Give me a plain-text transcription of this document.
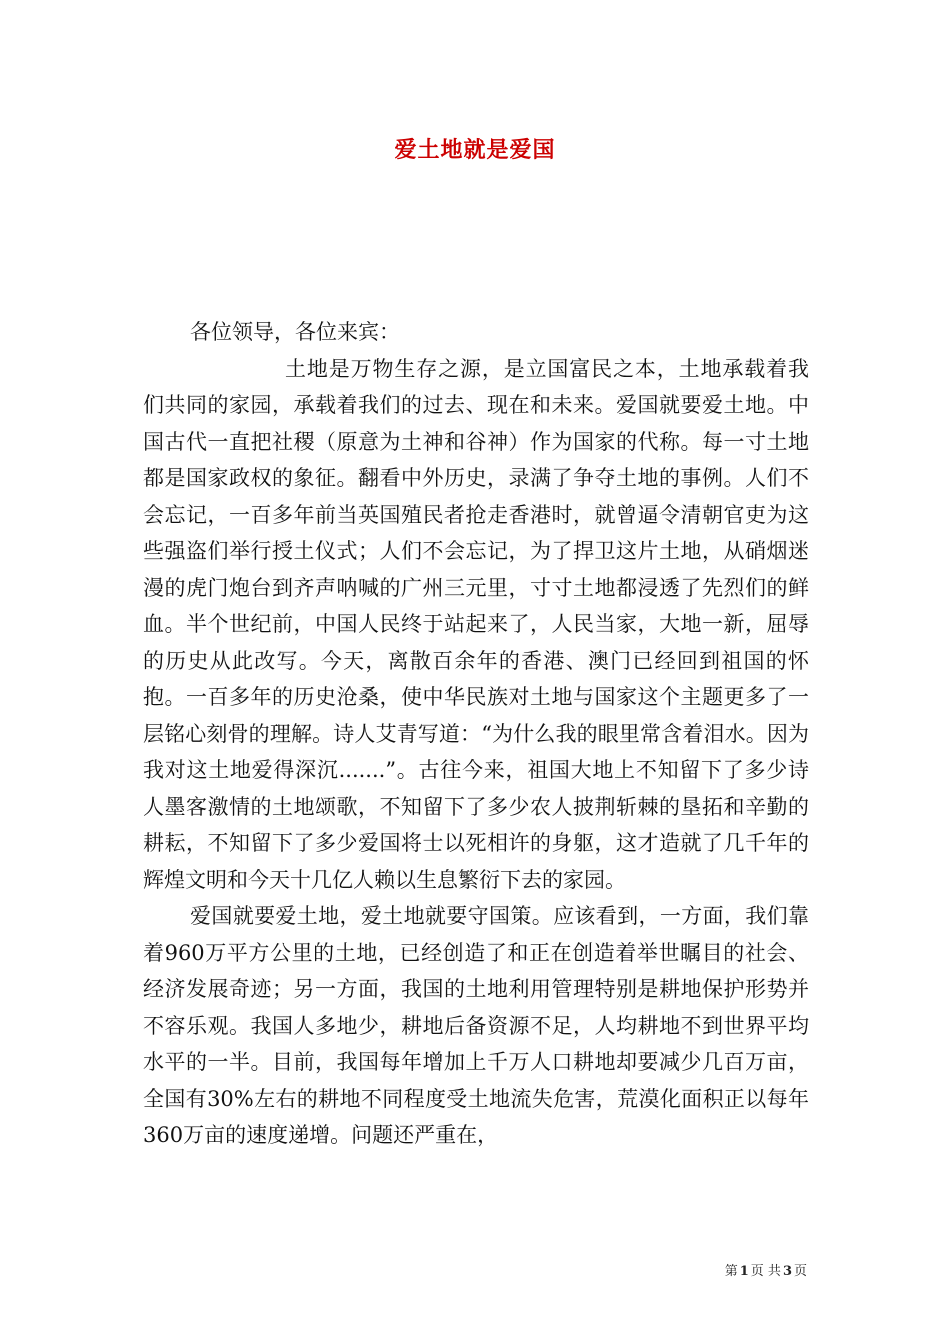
爱土地就是爱国

各位领导，各位来宾：

土地是万物生存之源，是立国富民之本，土地承载着我们共同的家园，承载着我们的过去、现在和未来。爱国就要爱土地。中国古代一直把社稷（原意为土神和谷神）作为国家的代称。每一寸土地都是国家政权的象征。翻看中外历史，录满了争夺土地的事例。人们不会忘记，一百多年前当英国殖民者抢走香港时，就曾逼令清朝官吏为这些强盗们举行授土仪式；人们不会忘记，为了捍卫这片土地，从硝烟迷漫的虎门炮台到齐声呐喊的广州三元里，寸寸土地都浸透了先烈们的鲜血。半个世纪前，中国人民终于站起来了，人民当家，大地一新，屈辱的历史从此改写。今天，离散百余年的香港、澳门已经回到祖国的怀抱。一百多年的历史沧桑，使中华民族对土地与国家这个主题更多了一层铭心刻骨的理解。诗人艾青写道：“为什么我的眼里常含着泪水。因为我对这土地爱得深沉.......”。古往今来，祖国大地上不知留下了多少诗人墨客激情的土地颂歌，不知留下了多少农人披荆斩棘的垦拓和辛勤的耕耘，不知留下了多少爱国将士以死相许的身躯，这才造就了几千年的辉煌文明和今天十几亿人赖以生息繁衍下去的家园。

爱国就要爱土地，爱土地就要守国策。应该看到，一方面，我们靠着960万平方公里的土地，已经创造了和正在创造着举世瞩目的社会、经济发展奇迹；另一方面，我国的土地利用管理特别是耕地保护形势并不容乐观。我国人多地少，耕地后备资源不足，人均耕地不到世界平均水平的一半。目前，我国每年增加上千万人口耕地却要减少几百万亩，全国有30%左右的耕地不同程度受土地流失危害，荒漠化面积正以每年360万亩的速度递增。问题还严重在，

第 1 页 共 3 页
